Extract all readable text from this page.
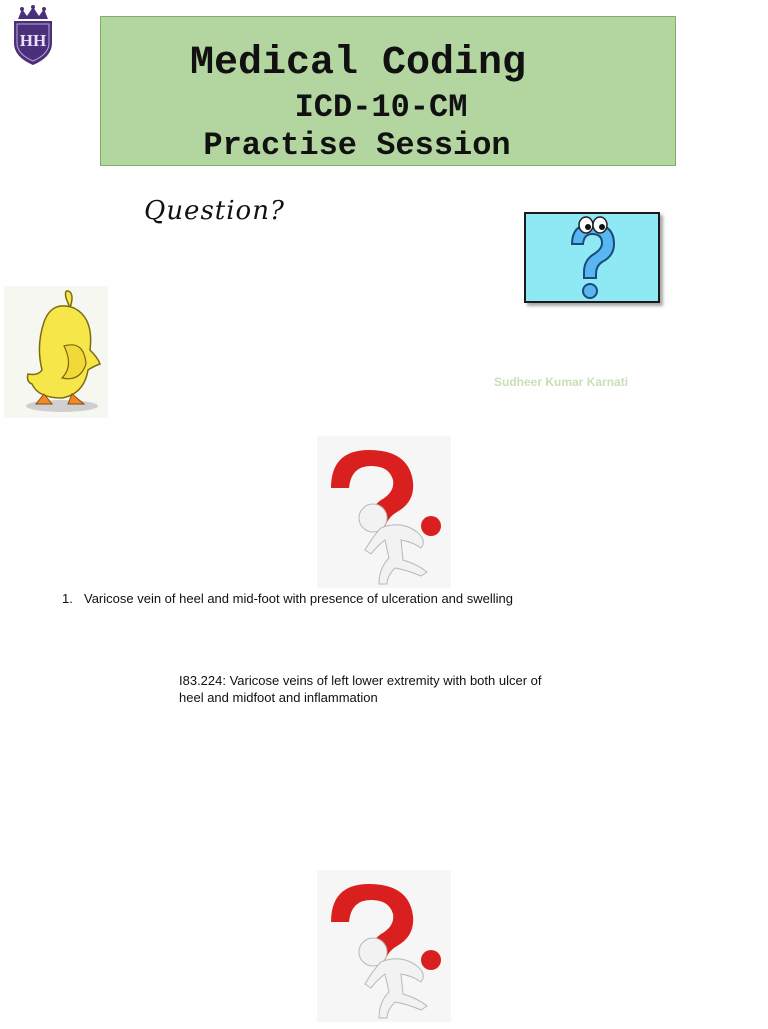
HH
Medical Coding
ICD-10-CM
Practise Session
Question?
Sudheer Kumar Karnati
1. Varicose vein of heel and mid-foot with presence of ulceration and swelling
I83.224: Varicose veins of left lower extremity with both ulcer of heel and midfoot and inflammation
